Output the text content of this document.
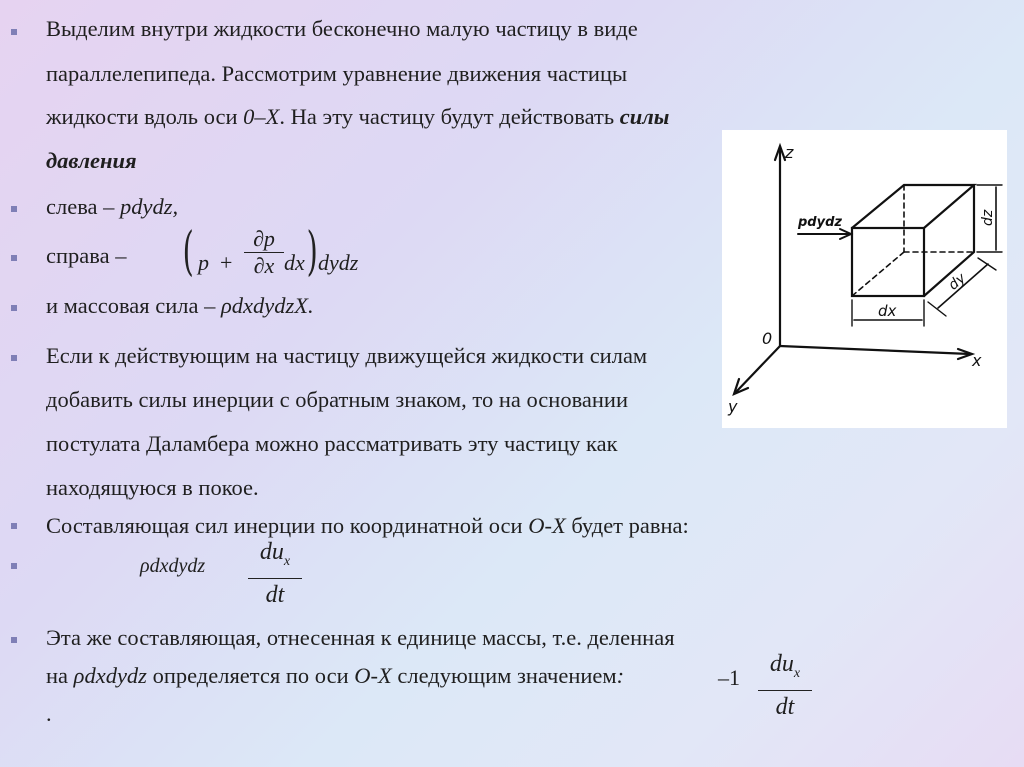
Выделим внутри жидкости бесконечно малую частицу в виде
параллелепипеда. Рассмотрим уравнение движения частицы
жидкости вдоль оси 0–X. На эту частицу будут действовать силы
давления
слева – pdydz,
справа – ( p +
∂p
∂x dx ) dydz
и массовая сила – ρdxdydzX.
Если к действующим на частицу движущейся жидкости силам
добавить силы инерции с обратным знаком, то на основании
постулата Даламбера можно рассматривать эту частицу как
находящуюся в покое.
Составляющая сил инерции по координатной оси O-X будет равна:
ρdxdydz
$du_x$
dt
Эта же составляющая, отнесенная к единице массы, т.е. деленная
на ρdxdydz определяется по оси O-X следующим значением:	–1
$du_x$
dt
.
z
x
y
0
pdydz
dx
dy
dz
